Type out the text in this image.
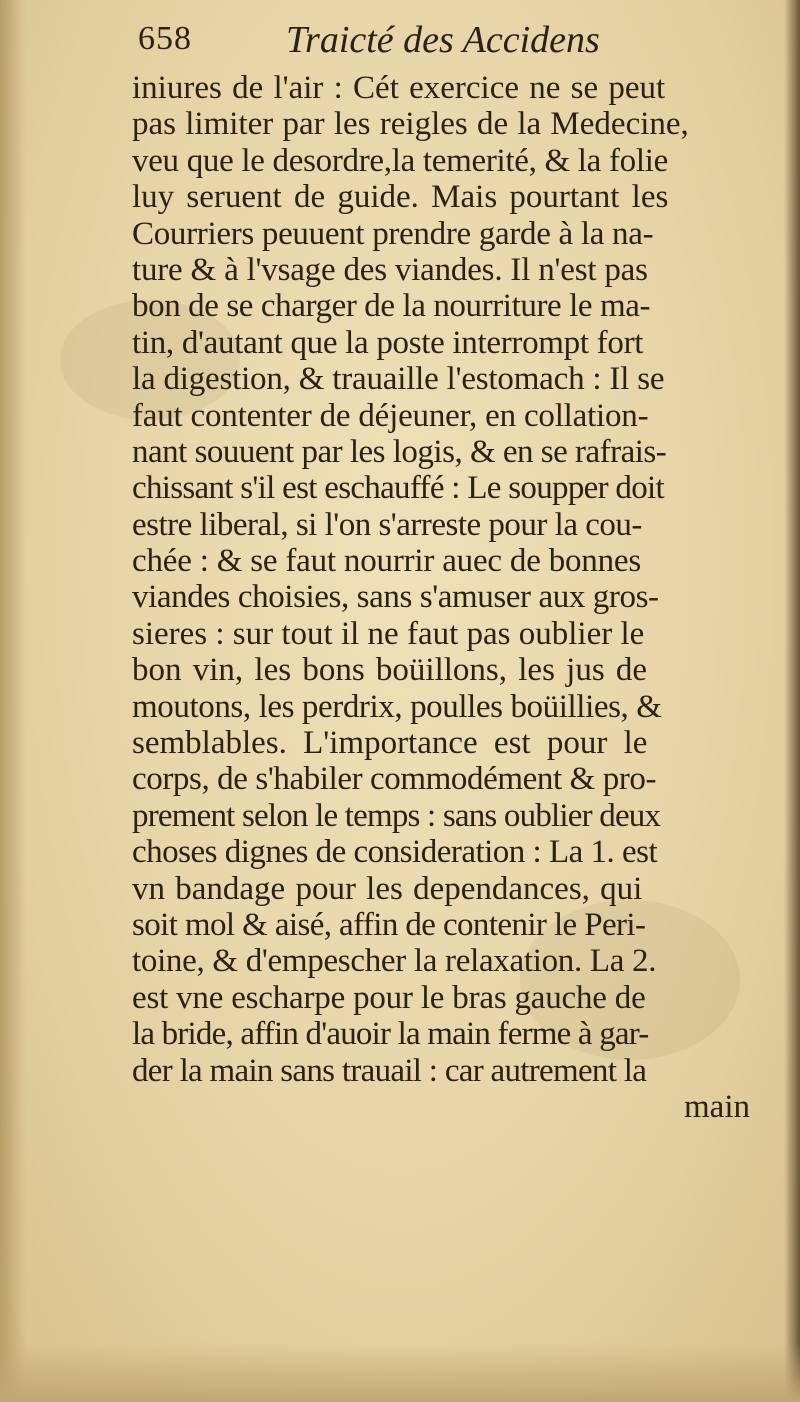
658 Traicté des Accidens
iniures de l'air : Cét exercice ne se peut
pas limiter par les reigles de la Medecine,
veu que le desordre,la temerité, & la folie
luy seruent de guide. Mais pourtant les
Courriers peuuent prendre garde à la na-
ture & à l'vsage des viandes. Il n'est pas
bon de se charger de la nourriture le ma-
tin, d'autant que la poste interrompt fort
la digestion, & trauaille l'estomach : Il se
faut contenter de déjeuner, en collation-
nant souuent par les logis, & en se rafrais-
chissant s'il est eschauffé : Le soupper doit
estre liberal, si l'on s'arreste pour la cou-
chée : & se faut nourrir auec de bonnes
viandes choisies, sans s'amuser aux gros-
sieres : sur tout il ne faut pas oublier le
bon vin, les bons boüillons, les jus de
moutons, les perdrix, poulles boüillies, &
semblables. L'importance est pour le
corps, de s'habiler commodément & pro-
prement selon le temps : sans oublier deux
choses dignes de consideration : La 1. est
vn bandage pour les dependances, qui
soit mol & aisé, affin de contenir le Peri-
toine, & d'empescher la relaxation. La 2.
est vne escharpe pour le bras gauche de
la bride, affin d'auoir la main ferme à gar-
der la main sans trauail : car autrement la
main
